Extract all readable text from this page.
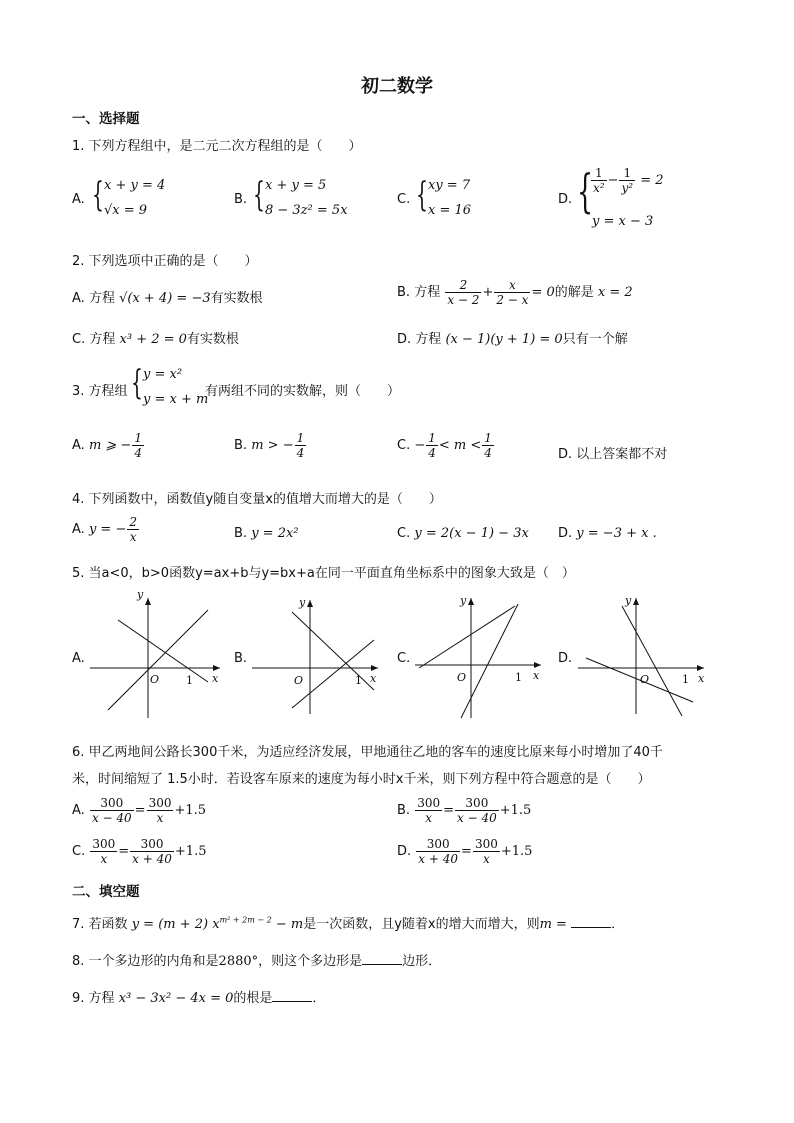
初二数学
一、选择题
1. 下列方程组中，是二元二次方程组的是（　　）
A. { x + y = 4
√x = 9
B. { x + y = 5
8 − 3z² = 5x
C. { xy = 7
x = 16
D. {
$\frac{1}{\text{x²}} - \frac{1}{\text{y²}} = 2$
y = x − 3
2. 下列选项中正确的是（　　）
A. 方程 √(x + 4) = −3有实数根	B. 方程 $\frac{2}{x - 2} + \frac{x}{2 - x} = 0$的解是 x = 2
C. 方程 x³ + 2 = 0有实数根	D. 方程 (x − 1)(y + 1) = 0只有一个解
3. 方程组 { y = x²
y = x + m
有两组不同的实数解，则（　　）
A. m ⩾ − $\frac{1}{4}$	B. m > − $\frac{1}{4}$	C. − $\frac{1}{4} < m < \frac{1}{4}$	D. 以上答案都不对
4. 下列函数中，函数值y随自变量x的值增大而增大的是（　　）
A. y = − $\frac{2}{x}$	B. y = 2x²	C. y = 2(x − 1) − 3x D. y = −3 + x .
5. 当a<0，b>0函数y=ax+b与y=bx+a在同一平面直角坐标系中的图象大致是（　）
A.	B.	C.	D.
y
x
O 1
y
x
O	1
y
x
O	1
y
x
O	1
6. 甲乙两地间公路长300千米，为适应经济发展，甲地通往乙地的客车的速度比原来每小时增加了40千
米，时间缩短了 1.5小时．若设客车原来的速度为每小时x千米，则下列方程中符合题意的是（　　）
A. $\frac{300}{x - 40} = \frac{300}{x} +1.5$	B. $\frac{300}{x} = \frac{300}{x - 40} +1.5$
C. $\frac{300}{x} = \frac{300}{x + 40} +1.5$	D. $\frac{300}{x + 40} = \frac{300}{x} +1.5$
二、填空题
7. 若函数 y = (m + 2) $x^{m^2 + 2m - 2} - m$是一次函数，且y随着x的增大而增大，则m =	．
8. 一个多边形的内角和是2880°，则这个多边形是	边形．
9. 方程 x³ − 3x² − 4x = 0的根是	．
